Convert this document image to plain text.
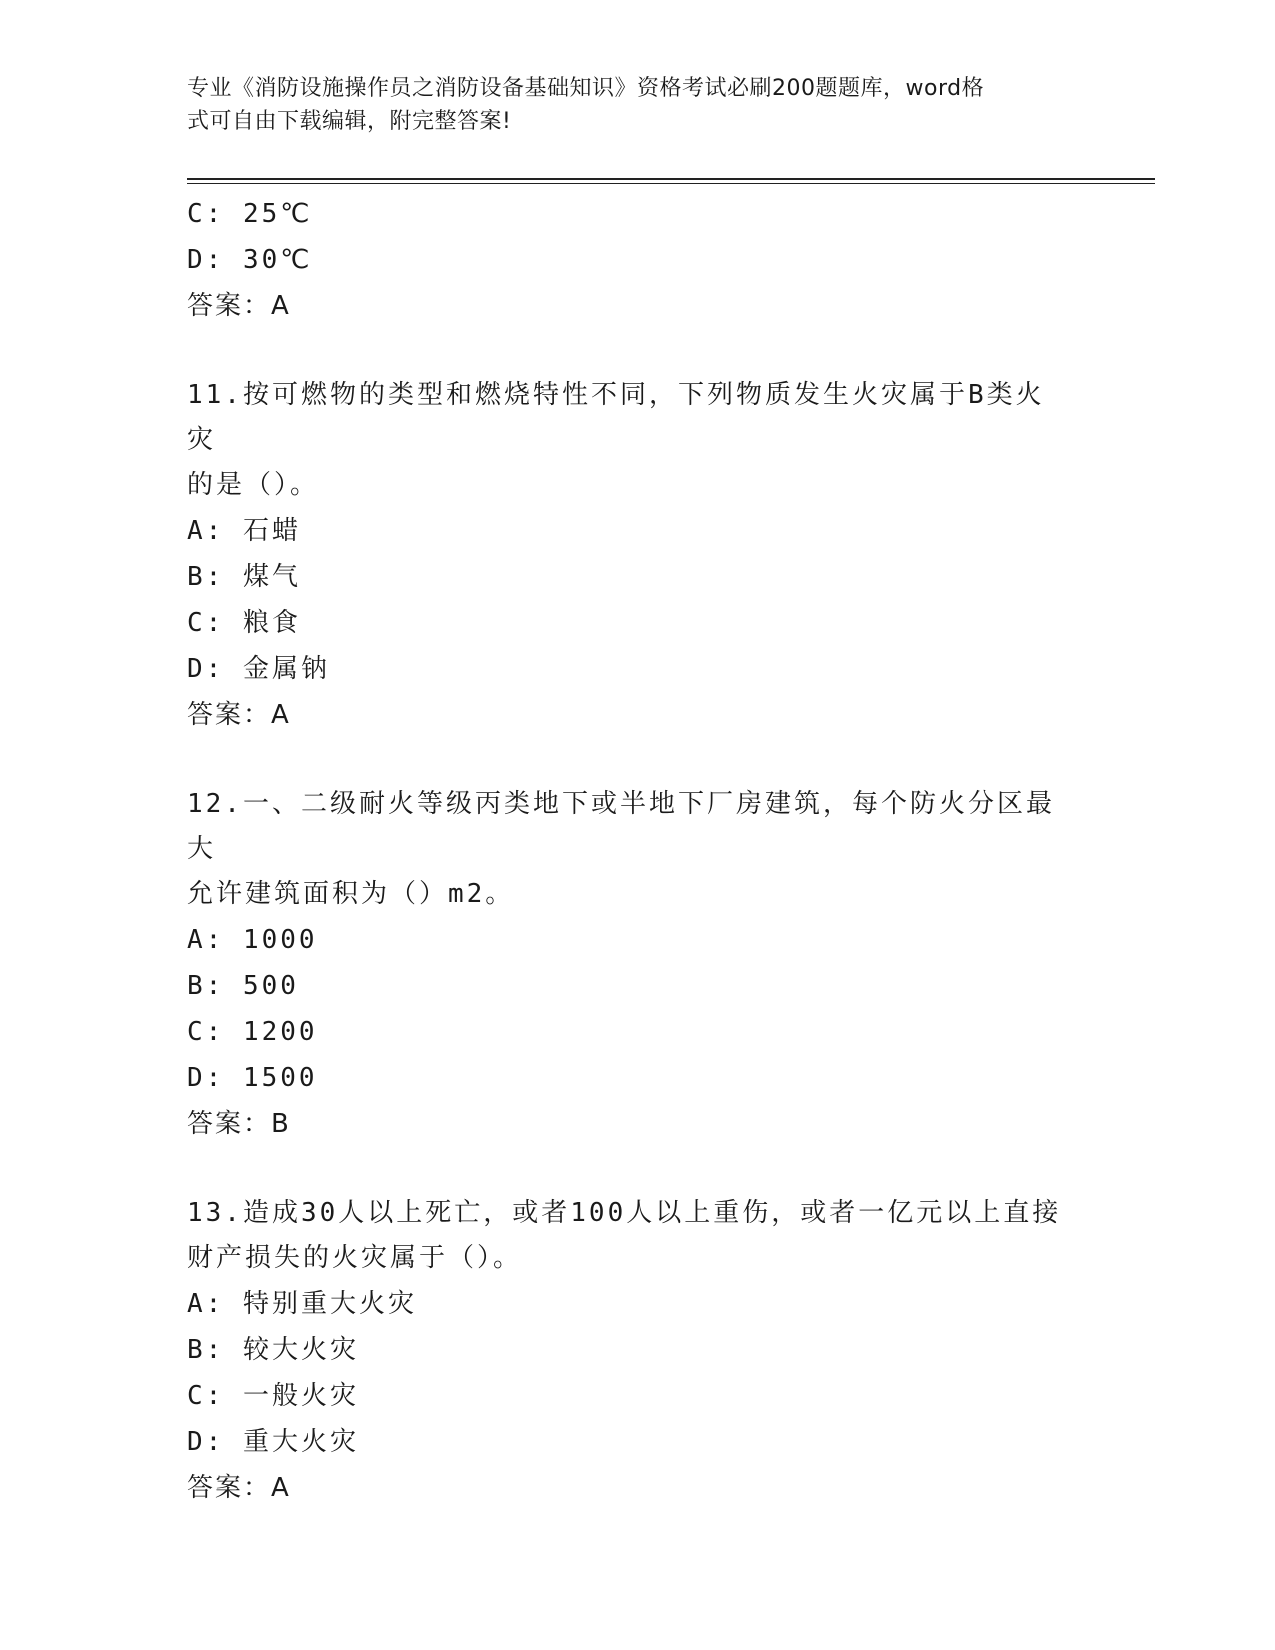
专业《消防设施操作员之消防设备基础知识》资格考试必刷200题题库，word格
式可自由下载编辑，附完整答案!
C: 25℃
D: 30℃
答案：A
11.按可燃物的类型和燃烧特性不同，下列物质发生火灾属于B类火灾
的是（）。
A: 石蜡
B: 煤气
C: 粮食
D: 金属钠
答案：A
12.一、二级耐火等级丙类地下或半地下厂房建筑，每个防火分区最大
允许建筑面积为（）m2。
A: 1000
B: 500
C: 1200
D: 1500
答案：B
13.造成30人以上死亡，或者100人以上重伤，或者一亿元以上直接
财产损失的火灾属于（）。
A: 特别重大火灾
B: 较大火灾
C: 一般火灾
D: 重大火灾
答案：A
